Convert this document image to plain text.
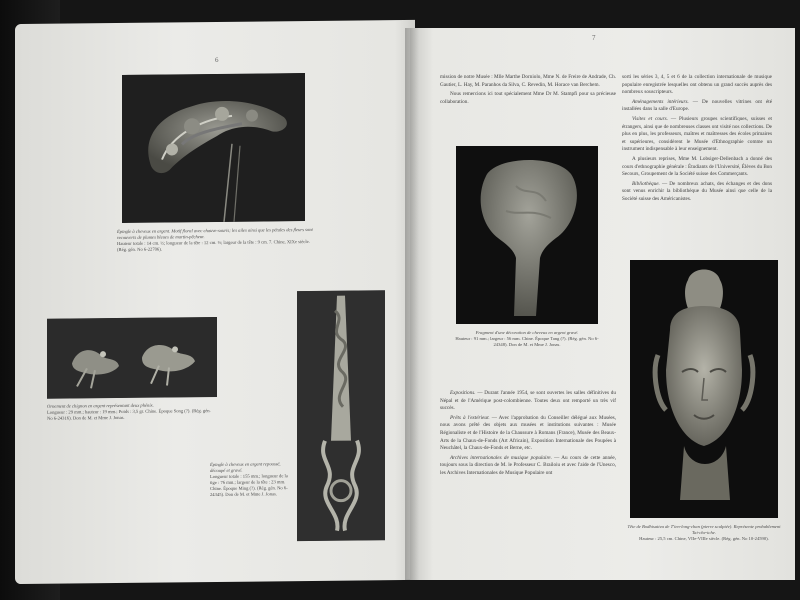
6
Épingle à cheveux en argent. Motif floral avec chauve-souris; les ailes ainsi que les pétales des fleurs sont recouverts de plumes bleues de martin-pêcheur.
Hauteur totale : 14 cm. ½; longueur de la tête : 12 cm. ½; largeur de la tête : 9 cm. 7. Chine, XIXe siècle. (Rég. gén. No 6-22706).
Ornement de chignon en argent représentant deux phénix.
Longueur : 29 mm.; hauteur : 19 mm.; Poids : 3,5 gr. Chine. Époque Song (?). (Rég. gén. No 6-24316). Don de M. et Mme J. Jonas.
Épingle à cheveux en argent repoussé, découpé et gravé.
Longueur totale : 155 mm.; longueur de la tige : 76 mm.; largeur de la tête : 23 mm. Chine. Époque Ming (?). (Rég. gén. No 6-24345). Don de M. et Mme J. Jonas.
7

mission de notre Musée : Mlle Marthe Dorniolo, Mme N. de Freire de Andrade, Ch. Gautier, L. Hay, M. Paranhos da Silva, C. Revedin, M. Horace van Berchem.

Nous remercions ici tout spécialement Mme Dr M. Stampfi pour sa précieuse collaboration.

Fragment d'une décoration de cheveux en argent gravé.
Hauteur : 91 mm.; largeur : 56 mm. Chine. Époque Tang (?). (Rég. gén. No 6-24348). Don de M. et Mme J. Jonas.

Expositions. — Durant l'année 1954, se sont ouvertes les salles définitives du Népal et de l'Amérique post-colombienne. Toutes deux ont remporté un très vif succès.

Prêts à l'extérieur. — Avec l'approbation du Conseiller délégué aux Musées, nous avons prêté des objets aux musées et institutions suivantes : Musée Régionaliste et de l'Histoire de la Chaussure à Romans (France), Musée des Beaux-Arts de la Chaux-de-Fonds (Art Africain), Exposition Internationale des Poupées à Neuchâtel, la Chaux-de-Fonds et Berne, etc.

Archives internationales de musique populaire. — Au cours de cette année, toujours sous la direction de M. le Professeur C. Brailoiu et avec l'aide de l'Unesco, les Archives Internationales de Musique Populaire ont

sorti les séries 3, 4, 5 et 6 de la collection internationale de musique populaire enregistrée lesquelles ont obtenu un grand succès auprès des nombreux souscripteurs.

Aménagements intérieurs. — De nouvelles vitrines ont été installées dans la salle d'Europe.

Visites et cours. — Plusieurs groupes scientifiques, suisses et étrangers, ainsi que de nombreuses classes ont visité nos collections. De plus en plus, les professeurs, maîtres et maîtresses des écoles primaires et supérieures, considèrent le Musée d'Ethnographie comme un instrument indispensable à leur enseignement.

A plusieurs reprises, Mme M. Lobsiger-Dellenbach a donné des cours d'ethnographie générale : Étudiants de l'Université, Élèves du Bon Secours, Groupement de la Société suisse des Commerçants.

Bibliothèque. — De nombreux achats, des échanges et des dons sont venus enrichir la bibliothèque du Musée ainsi que celle de la Société suisse des Américanistes.

Tête de Bodhisattva de T'ien-long-chan (pierre sculptée). Représente probablement Tai-che-tche.
Hauteur : 25,5 cm. Chine, VIIe-VIIIe siècle. (Rég. gén. No 10-24590).
